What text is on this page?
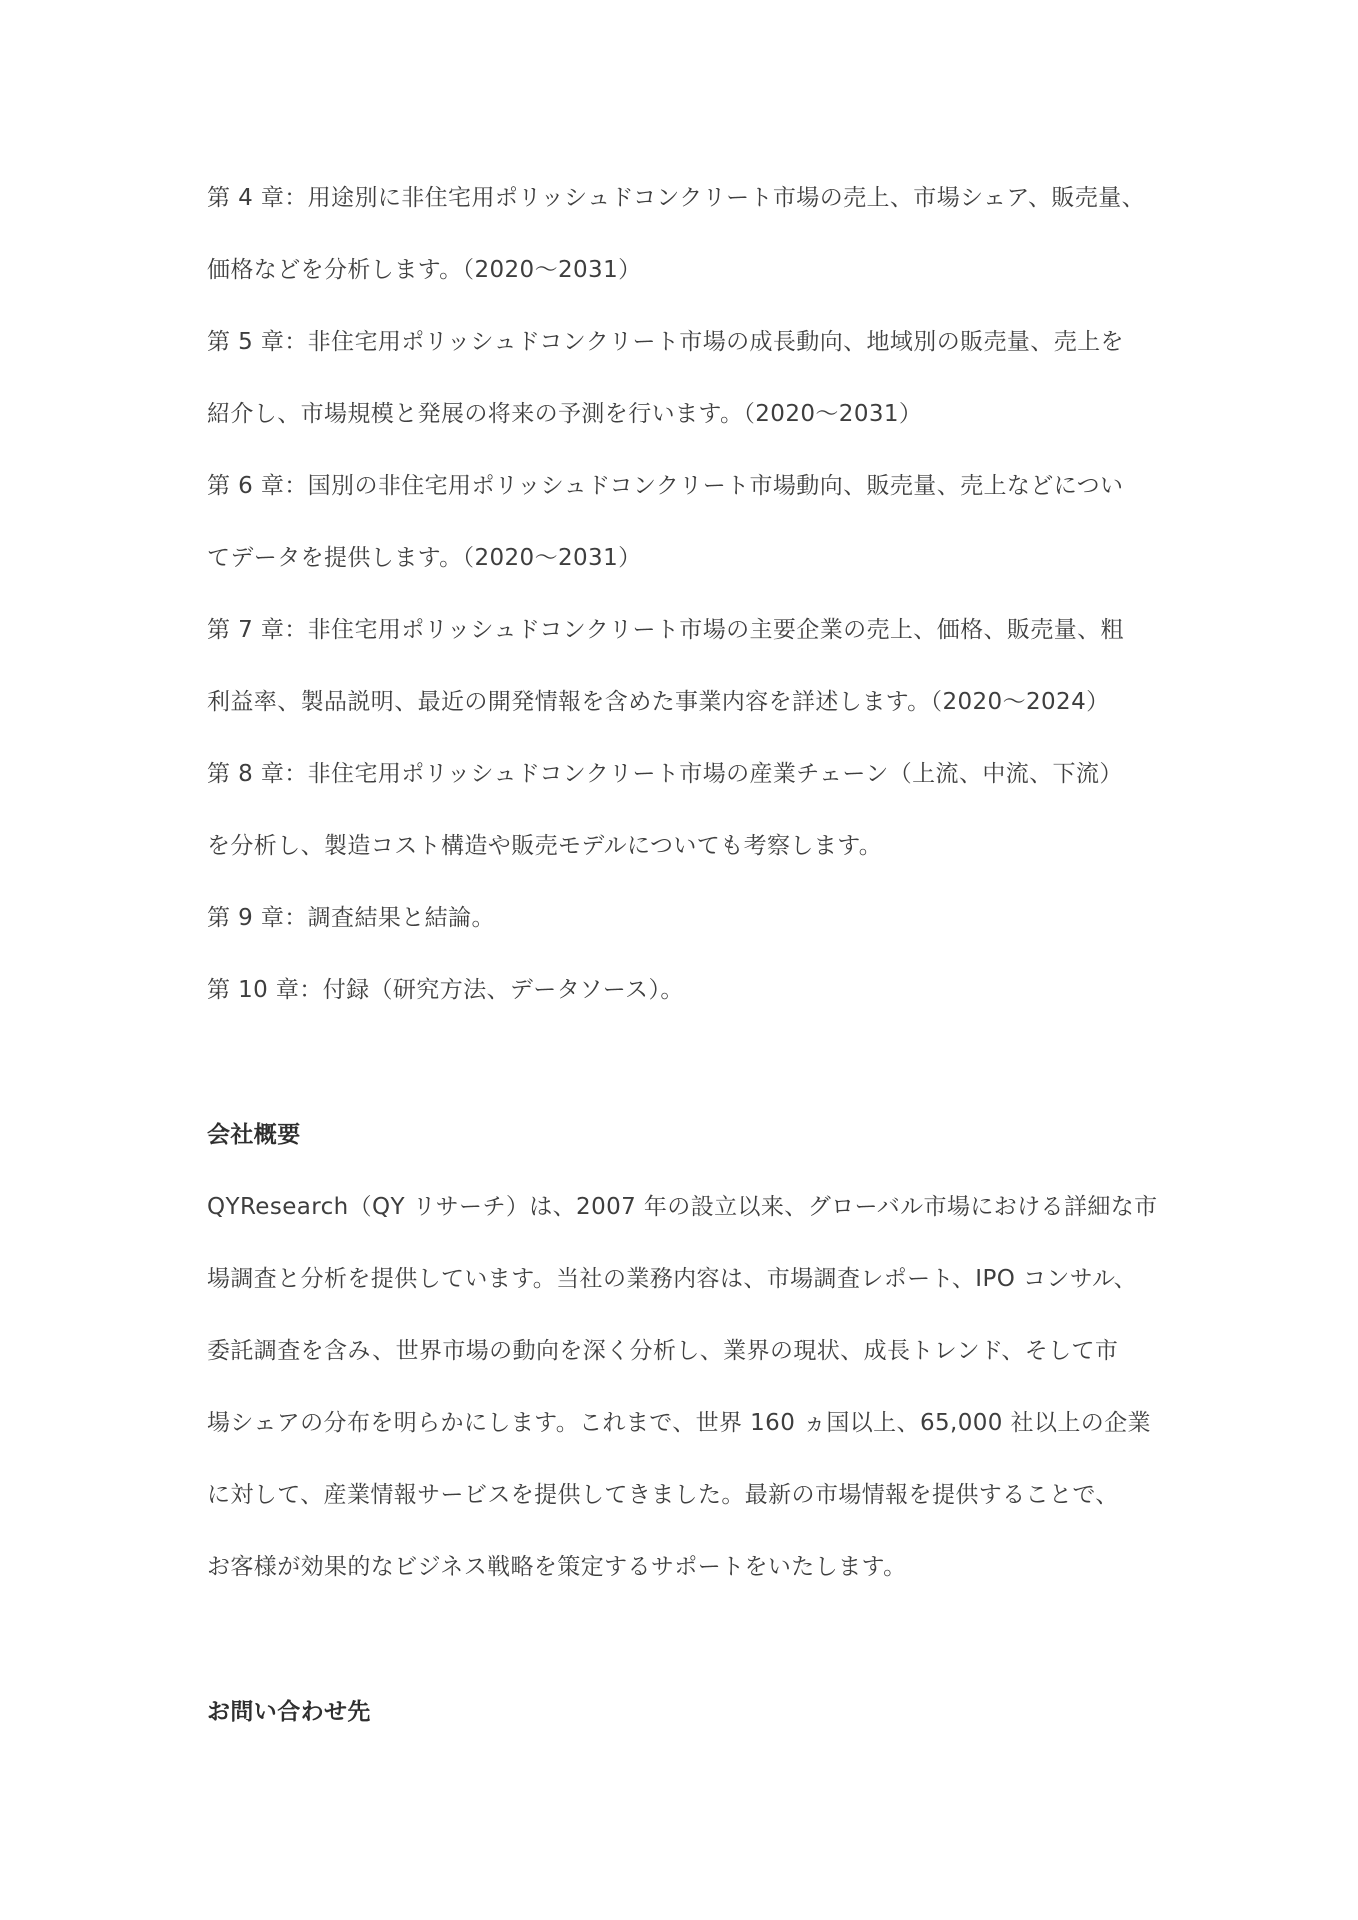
第 4 章：用途別に非住宅用ポリッシュドコンクリート市場の売上、市場シェア、販売量、
価格などを分析します。（2020～2031）
第 5 章：非住宅用ポリッシュドコンクリート市場の成長動向、地域別の販売量、売上を
紹介し、市場規模と発展の将来の予測を行います。（2020～2031）
第 6 章：国別の非住宅用ポリッシュドコンクリート市場動向、販売量、売上などについ
てデータを提供します。（2020～2031）
第 7 章：非住宅用ポリッシュドコンクリート市場の主要企業の売上、価格、販売量、粗
利益率、製品説明、最近の開発情報を含めた事業内容を詳述します。（2020～2024）
第 8 章：非住宅用ポリッシュドコンクリート市場の産業チェーン（上流、中流、下流）
を分析し、製造コスト構造や販売モデルについても考察します。
第 9 章：調査結果と結論。
第 10 章：付録（研究方法、データソース）。
会社概要
QYResearch（QY リサーチ）は、2007 年の設立以来、グローバル市場における詳細な市
場調査と分析を提供しています。当社の業務内容は、市場調査レポート、IPO コンサル、
委託調査を含み、世界市場の動向を深く分析し、業界の現状、成長トレンド、そして市
場シェアの分布を明らかにします。これまで、世界 160 ヵ国以上、65,000 社以上の企業
に対して、産業情報サービスを提供してきました。最新の市場情報を提供することで、
お客様が効果的なビジネス戦略を策定するサポートをいたします。
お問い合わせ先
